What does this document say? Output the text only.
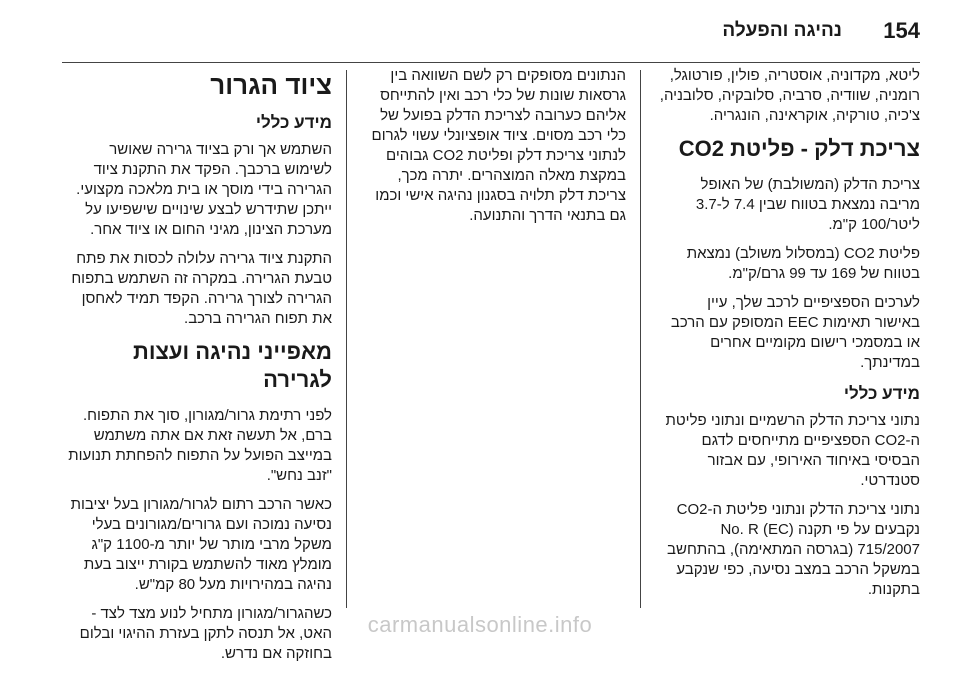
154
נהיגה והפעלה

ליטא, מקדוניה, אוסטריה, פולין, פורטוגל, רומניה, שוודיה, סרביה, סלובקיה, סלובניה, צ'כיה, טורקיה, אוקראינה, הונגריה.

צריכת דלק - פליטת CO2

צריכת הדלק (המשולבת) של האופל מריבה נמצאת בטווח שבין 7.4 ל-3.7 ליטר/100 ק"מ.

פליטת CO2 (במסלול משולב) נמצאת בטווח של 169 עד 99 גרם/ק"מ.

לערכים הספציפיים לרכב שלך, עיין באישור תאימות EEC המסופק עם הרכב או במסמכי רישום מקומיים אחרים במדינתך.

מידע כללי

נתוני צריכת הדלק הרשמיים ונתוני פליטת ה-CO2 הספציפיים מתייחסים לדגם הבסיסי באיחוד האירופי, עם אבזור סטנדרטי.

נתוני צריכת הדלק ונתוני פליטת ה-CO2 נקבעים על פי תקנה (EC) No. R 715/2007 (בגרסה המתאימה), בהתחשב במשקל הרכב במצב נסיעה, כפי שנקבע בתקנות.

הנתונים מסופקים רק לשם השוואה בין גרסאות שונות של כלי רכב ואין להתייחס אליהם כערובה לצריכת הדלק בפועל של כלי רכב מסוים. ציוד אופציונלי עשוי לגרום לנתוני צריכת דלק ופליטת CO2 גבוהים במקצת מאלה המוצהרים. יתרה מכך, צריכת דלק תלויה בסגנון נהיגה אישי וכמו גם בתנאי הדרך והתנועה.

ציוד הגרור
מידע כללי

השתמש אך ורק בציוד גרירה שאושר לשימוש ברכבך. הפקד את התקנת ציוד הגרירה בידי מוסך או בית מלאכה מקצועי. ייתכן שתידרש לבצע שינויים שישפיעו על מערכת הצינון, מגיני החום או ציוד אחר.

התקנת ציוד גרירה עלולה לכסות את פתח טבעת הגרירה. במקרה זה השתמש בתפוח הגרירה לצורך גרירה. הקפד תמיד לאחסן את תפוח הגרירה ברכב.

מאפייני נהיגה ועצות לגרירה

לפני רתימת גרור/מגורון, סוך את התפוח. ברם, אל תעשה זאת אם אתה משתמש במייצב הפועל על התפוח להפחתת תנועות "זנב נחש".

כאשר הרכב רתום לגרור/מגורון בעל יציבות נסיעה נמוכה ועם גרורים/מגורונים בעלי משקל מרבי מותר של יותר מ-1100 ק"ג מומלץ מאוד להשתמש בקורת ייצוב בעת נהיגה במהירויות מעל 80 קמ"ש.

כשהגרור/מגורון מתחיל לנוע מצד לצד - האט, אל תנסה לתקן בעזרת ההיגוי ובלום בחוזקה אם נדרש.

carmanualsonline.info
